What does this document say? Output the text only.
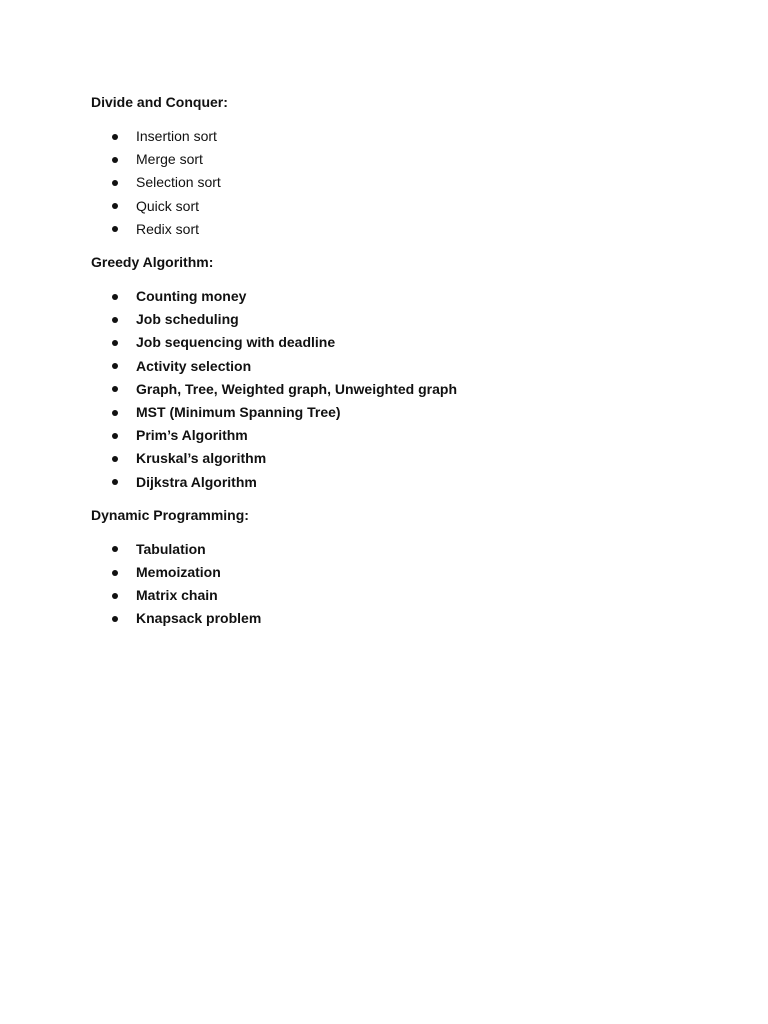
Divide and Conquer:

Insertion sort
Merge sort
Selection sort
Quick sort
Redix sort

Greedy Algorithm:

Counting money
Job scheduling
Job sequencing with deadline
Activity selection
Graph, Tree, Weighted graph, Unweighted graph
MST (Minimum Spanning Tree)
Prim’s Algorithm
Kruskal’s algorithm
Dijkstra Algorithm

Dynamic Programming:

Tabulation
Memoization
Matrix chain
Knapsack problem
